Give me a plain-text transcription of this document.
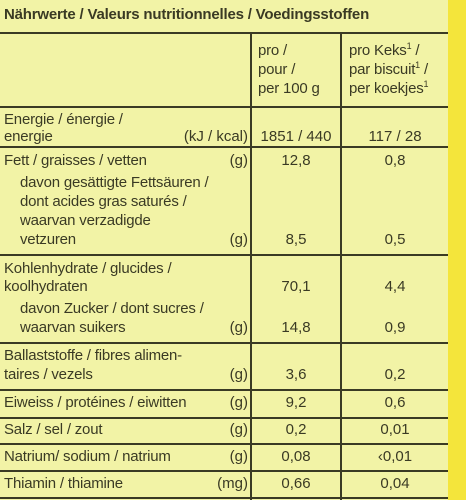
Nährwerte / Valeurs nutritionnelles / Voedingsstoffen
pro /
pour /
per 100 g
pro Keks$^1$ /
par biscuit$^1$ /
per koekjes$^1$
Energie / énergie /
energie	(kJ / kcal) 1851 / 440	117 / 28
Fett / graisses / vetten	(g)	12,8	0,8
davon gesättigte Fettsäuren /
dont acides gras saturés /
waarvan verzadigde
vetzuren	(g)	8,5	0,5
Kohlenhydrate / glucides /
koolhydraten	70,1	4,4
davon Zucker / dont sucres /
waarvan suikers	(g)	14,8	0,9
Ballaststoffe / fibres alimen-
taires / vezels	(g)	3,6	0,2
Eiweiss / protéines / eiwitten	(g)	9,2	0,6
Salz / sel / zout	(g)	0,2	0,01
Natrium/ sodium / natrium	(g)	0,08	‹0,01
Thiamin / thiamine	(mg)	0,66	0,04
